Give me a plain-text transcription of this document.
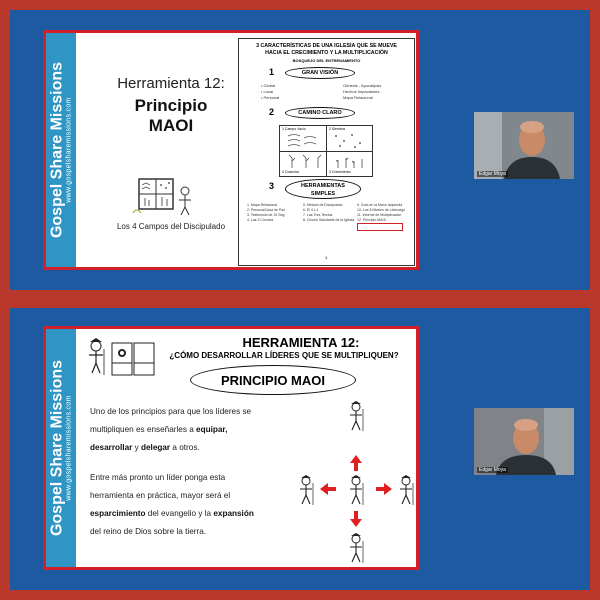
Gospel Share Missions www.gospelsharemissions.com
Herramienta 12:
Principio
MAOI
Los 4 Campos del Discipulado
3 CARACTERÍSTICAS DE UNA IGLESIA QUE SE MUEVE
HACIA EL CRECIMIENTO Y LA MULTIPLICACIÓN
BOSQUEJO DEL ENTRENAMIENTO
1	GRAN VISIÓN
• Global	Génesis - Apocalipsis
• Local	Hechos Impactantes
• Personal	Mapa Relacional
2	CAMINO CLARO
1 Campo Vacío	2 Siembra
4 Cosecha	3 Crecimiento
3	HERRAMIENTAS
SIMPLES
1. Mapa Relacional
2. Persona/Casa de Paz
3. Testimonio de 15 Seg.
4. Las 3 Círculos
5. Método de Discipulado
6. El 4 x 1
7. Las Tres Tercios
8. Círculo Saludable de la Iglesia
9. Guía en la Mano Izquierda
10. Los 5 Niveles de Liderazgo
11. Informe de Multiplicación
12. Principio MAOI
1
Edgar Moya
Gospel Share Missions www.gospelsharemissions.com
HERRAMIENTA 12:
¿CÓMO DESARROLLAR LÍDERES QUE SE MULTIPLIQUEN?
PRINCIPIO MAOI
Uno de los principios para que los líderes se multipliquen es enseñarles a equipar, desarrollar y delegar a otros.
Entre más pronto un líder ponga esta herramienta en práctica, mayor será el esparcimiento del evangelio y la expansión del reino de Dios sobre la tierra.
Edgar Moya
